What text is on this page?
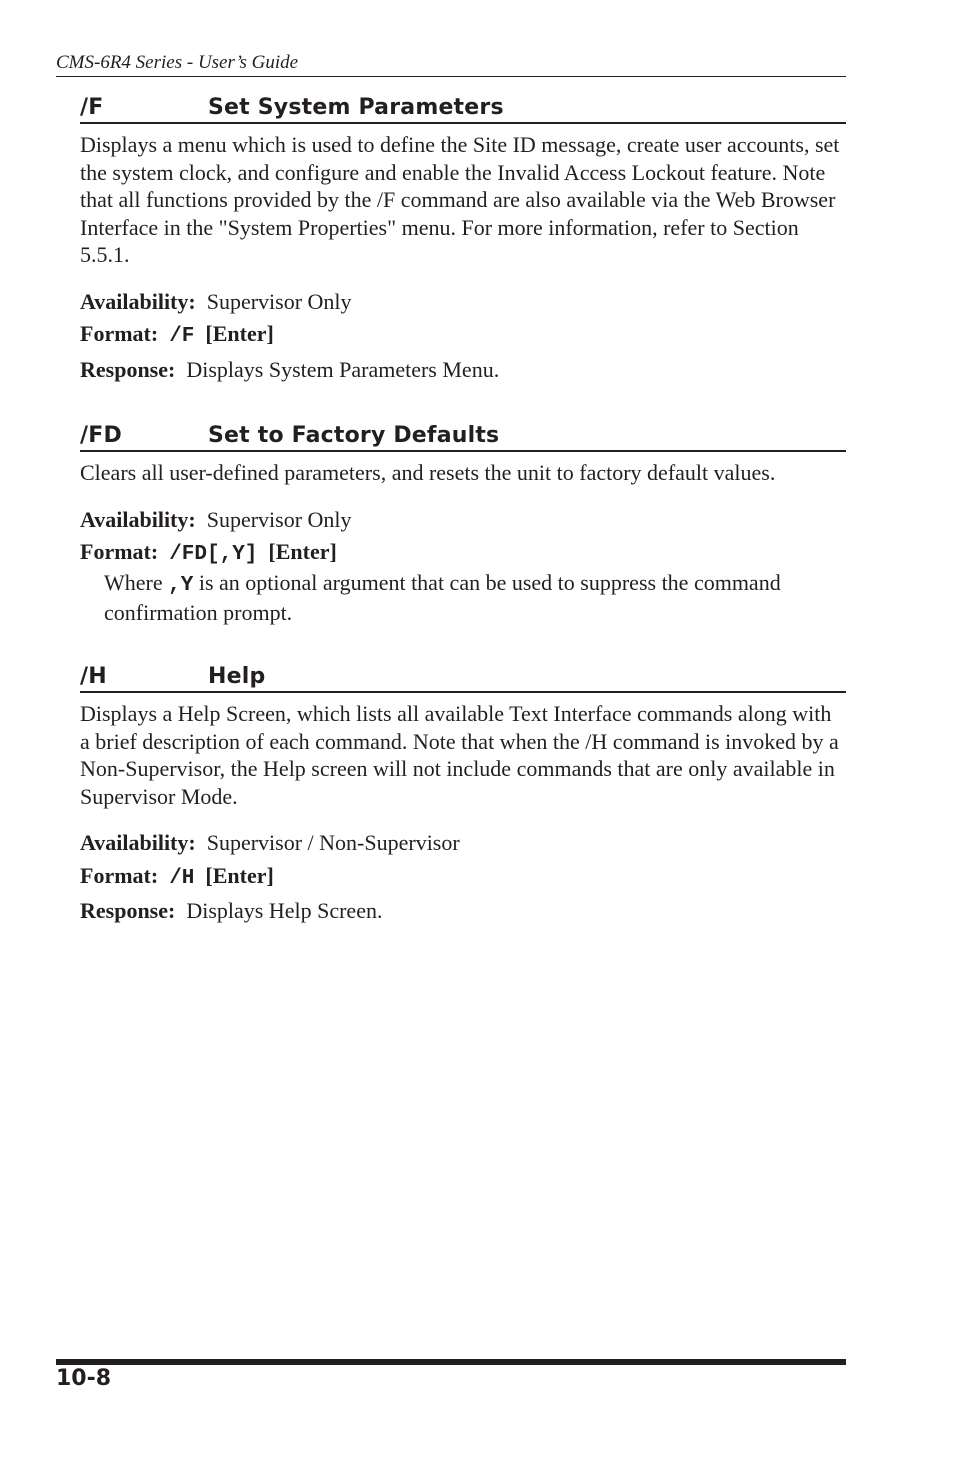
CMS-6R4 Series - User’s Guide
/F	Set System Parameters

Displays a menu which is used to define the Site ID message, create user accounts, set the system clock, and configure and enable the Invalid Access Lockout feature. Note that all functions provided by the /F command are also available via the Web Browser Interface in the "System Properties" menu. For more information, refer to Section 5.5.1.

Availability: Supervisor Only
Format: /F [Enter]
Response: Displays System Parameters Menu.
/FD	Set to Factory Defaults

Clears all user-defined parameters, and resets the unit to factory default values.

Availability: Supervisor Only
Format: /FD[,Y] [Enter]
Where ,Y is an optional argument that can be used to suppress the command confirmation prompt.
/H	Help

Displays a Help Screen, which lists all available Text Interface commands along with a brief description of each command. Note that when the /H command is invoked by a Non-Supervisor, the Help screen will not include commands that are only available in Supervisor Mode.

Availability: Supervisor / Non-Supervisor
Format: /H [Enter]
Response: Displays Help Screen.
10-8
